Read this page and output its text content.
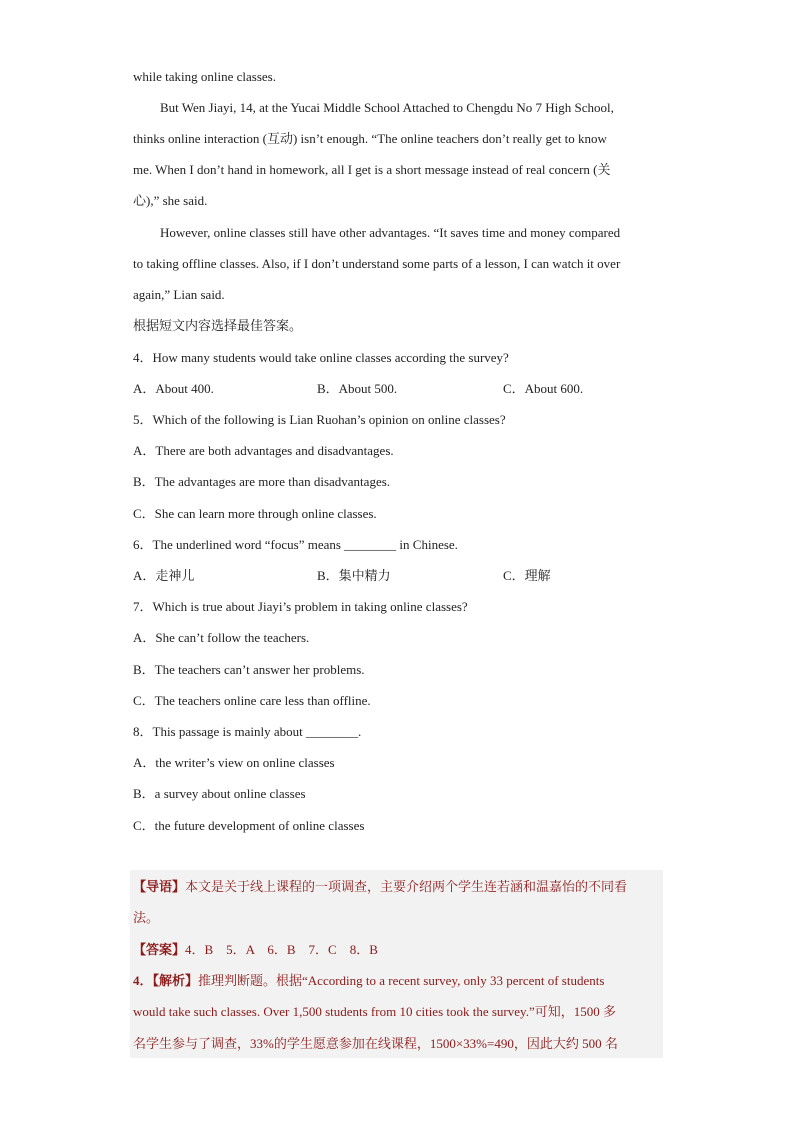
while taking online classes.
But Wen Jiayi, 14, at the Yucai Middle School Attached to Chengdu No 7 High School,
thinks online interaction (互动) isn’t enough. “The online teachers don’t really get to know
me. When I don’t hand in homework, all I get is a short message instead of real concern (关
心),” she said.
However, online classes still have other advantages. “It saves time and money compared
to taking offline classes. Also, if I don’t understand some parts of a lesson, I can watch it over
again,” Lian said.
根据短文内容选择最佳答案。
4．How many students would take online classes according the survey?
A．About 400.	B．About 500.	C．About 600.
5．Which of the following is Lian Ruohan’s opinion on online classes?
A．There are both advantages and disadvantages.
B．The advantages are more than disadvantages.
C．She can learn more through online classes.
6．The underlined word “focus” means ________ in Chinese.
A．走神儿	B．集中精力	C．理解
7．Which is true about Jiayi’s problem in taking online classes?
A．She can’t follow the teachers.
B．The teachers can’t answer her problems.
C．The teachers online care less than offline.
8．This passage is mainly about ________.
A．the writer’s view on online classes
B．a survey about online classes
C．the future development of online classes
【导语】本文是关于线上课程的一项调查，主要介绍两个学生连若涵和温嘉怡的不同看
法。
【答案】4．B　5．A　6．B　7．C　8．B
4．【解析】推理判断题。根据“According to a recent survey, only 33 percent of students
would take such classes. Over 1,500 students from 10 cities took the survey.”可知，1500 多
名学生参与了调查，33%的学生愿意参加在线课程，1500×33%=490，因此大约 500 名
